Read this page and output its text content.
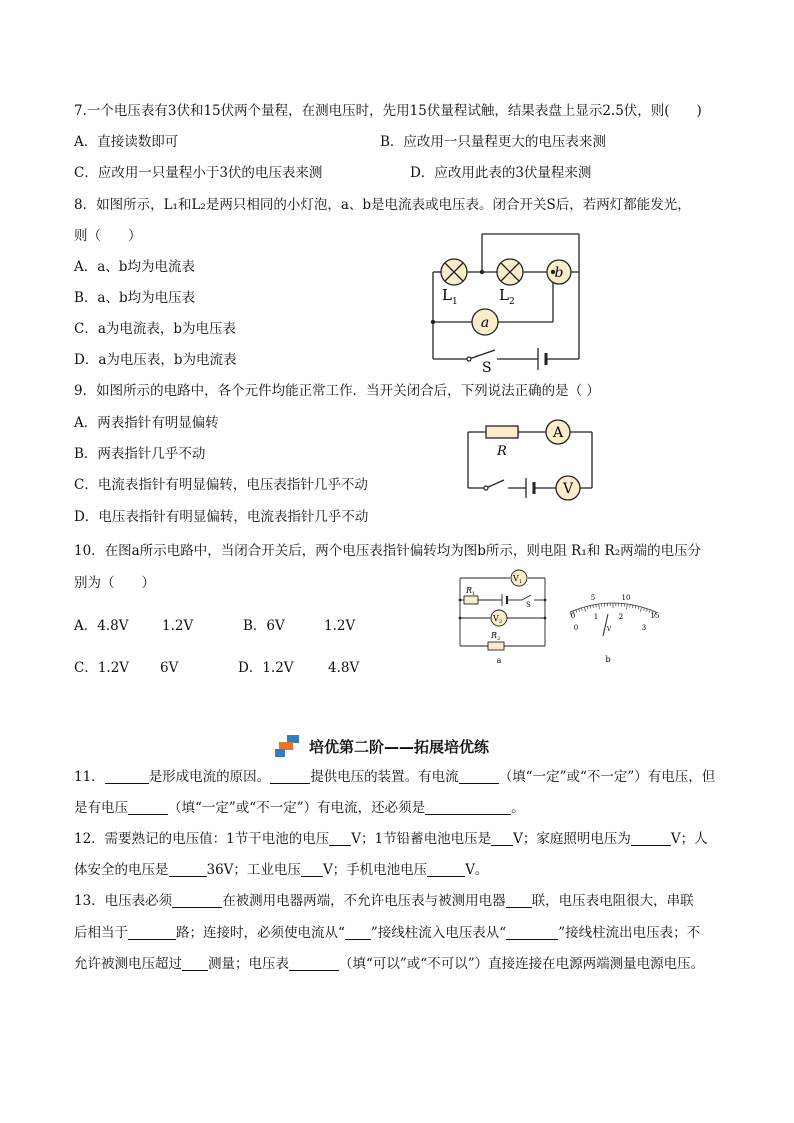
7.一个电压表有3伏和15伏两个量程，在测电压时，先用15伏量程试触，结果表盘上显示2.5伏，则(　　)
A．直接读数即可	B．应改用一只量程更大的电压表来测
C．应改用一只量程小于3伏的电压表来测	D．应改用此表的3伏量程来测
8．如图所示，L₁和L₂是两只相同的小灯泡，a、b是电流表或电压表。闭合开关S后，若两灯都能发光，
则（　　）
A．a、b均为电流表
B．a、b均为电压表
C．a为电流表，b为电压表
D．a为电压表，b为电流表
b
a
L 1	L 2
S
9．如图所示的电路中，各个元件均能正常工作．当开关闭合后，下列说法正确的是（ ）
A．两表指针有明显偏转
B．两表指针几乎不动
C．电流表指针有明显偏转，电压表指针几乎不动
D．电压表指针有明显偏转，电流表指针几乎不动
A
V
R
10．在图a所示电路中，当闭合开关后，两个电压表指针偏转均为图b所示，则电阻 R₁和 R₂两端的电压分
别为（　　）
A．4.8V 1.2V	B．6V	1.2V
C．1.2V 6V	D．1.2V	4.8V
V 1
V 2
R 1
R 2
S
a
0
5	10
15
0
1	2
3
V
b
培优第二阶——拓展培优练
11．	是形成电流的原因。	提供电压的装置。有电流	（填“一定”或“不一定”）有电压，但
是有电压	（填“一定”或“不一定”）有电流，还必须是	。
12．需要熟记的电压值：1节干电池的电压 V；1节铅蓄电池电压是 V；家庭照明电压为	V；人
体安全的电压是	36V；工业电压 V；手机电池电压	V。
13．电压表必须	在被测用电器两端，不允许电压表与被测用电器 联，电压表电阻很大，串联
后相当于	路；连接时，必须使电流从“ ”接线柱流入电压表从“	”接线柱流出电压表；不
允许被测电压超过 测量；电压表	（填“可以”或“不可以”）直接连接在电源两端测量电源电压。
